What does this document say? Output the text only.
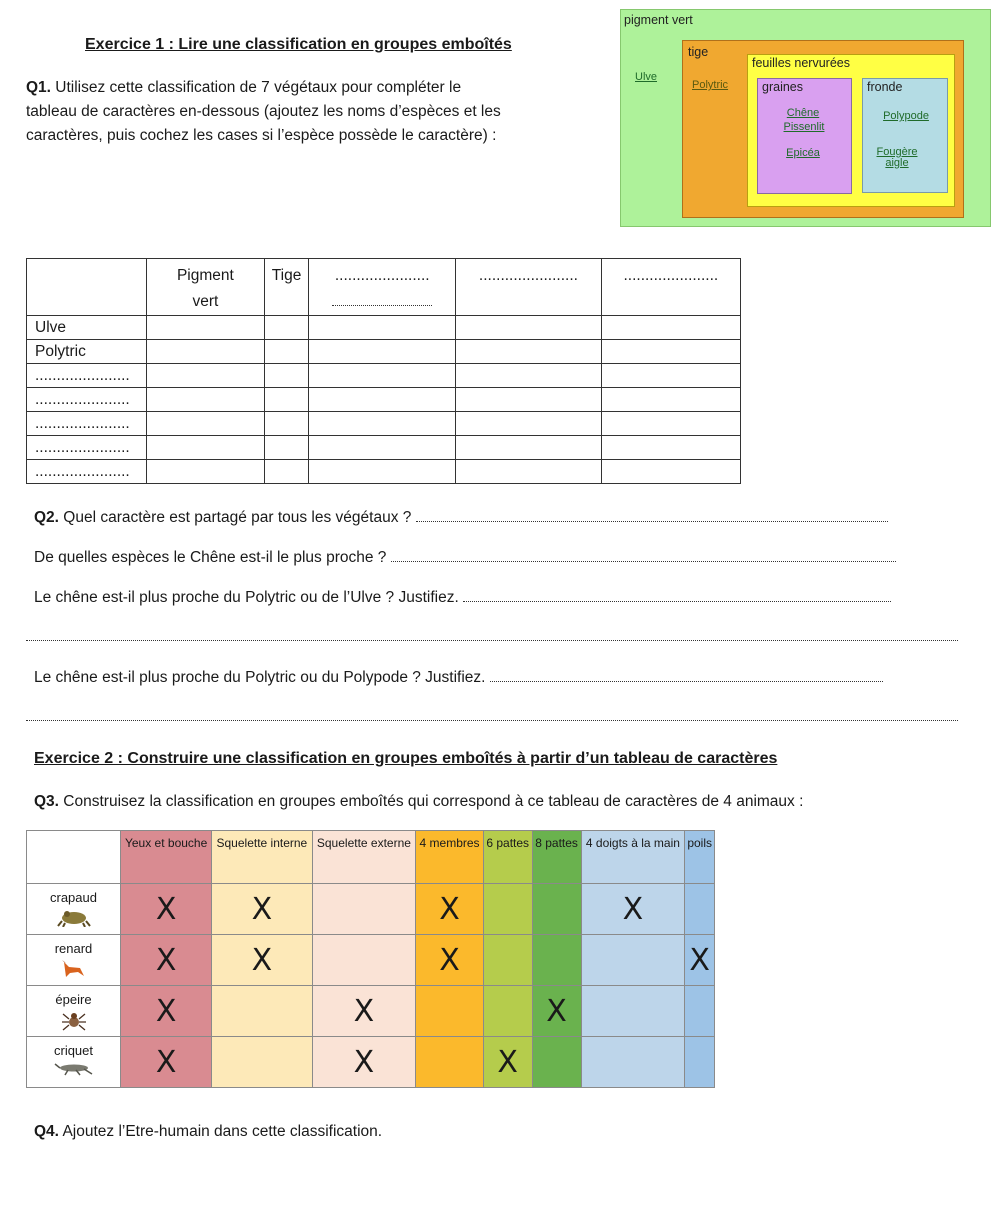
Exercice 1 : Lire une classification en groupes emboîtés
Q1. Utilisez cette classification de 7 végétaux pour compléter le
tableau de caractères en-dessous (ajoutez les noms d’espèces et les
caractères, puis cochez les cases si l’espèce possède le caractère) :
pigment vert
Ulve
tige
Polytric
feuilles nervurées
graines
Chêne
Pissenlit
Epicéa
fronde
Polypode
Fougère aigle
	Pigment vert	Tige	......................	.......................	......................
Ulve					
Polytric					
......................					
......................					
......................					
......................					
......................					
Q2. Quel caractère est partagé par tous les végétaux ?
De quelles espèces le Chêne est-il le plus proche ?
Le chêne est-il plus proche du Polytric ou de l’Ulve ? Justifiez.
Le chêne est-il plus proche du Polytric ou du Polypode ? Justifiez.
Exercice 2 : Construire une classification en groupes emboîtés à partir d’un tableau de caractères
Q3. Construisez la classification en groupes emboîtés qui correspond à ce tableau de caractères de 4 animaux :
	Yeux et bouche	Squelette interne	Squelette externe	4 membres	6 pattes	8 pattes	4 doigts à la main	poils
crapaud	X	X		X			X	
renard	X	X		X				X
épeire	X		X			X		
criquet	X		X		X			
Q4. Ajoutez l’Etre-humain dans cette classification.
